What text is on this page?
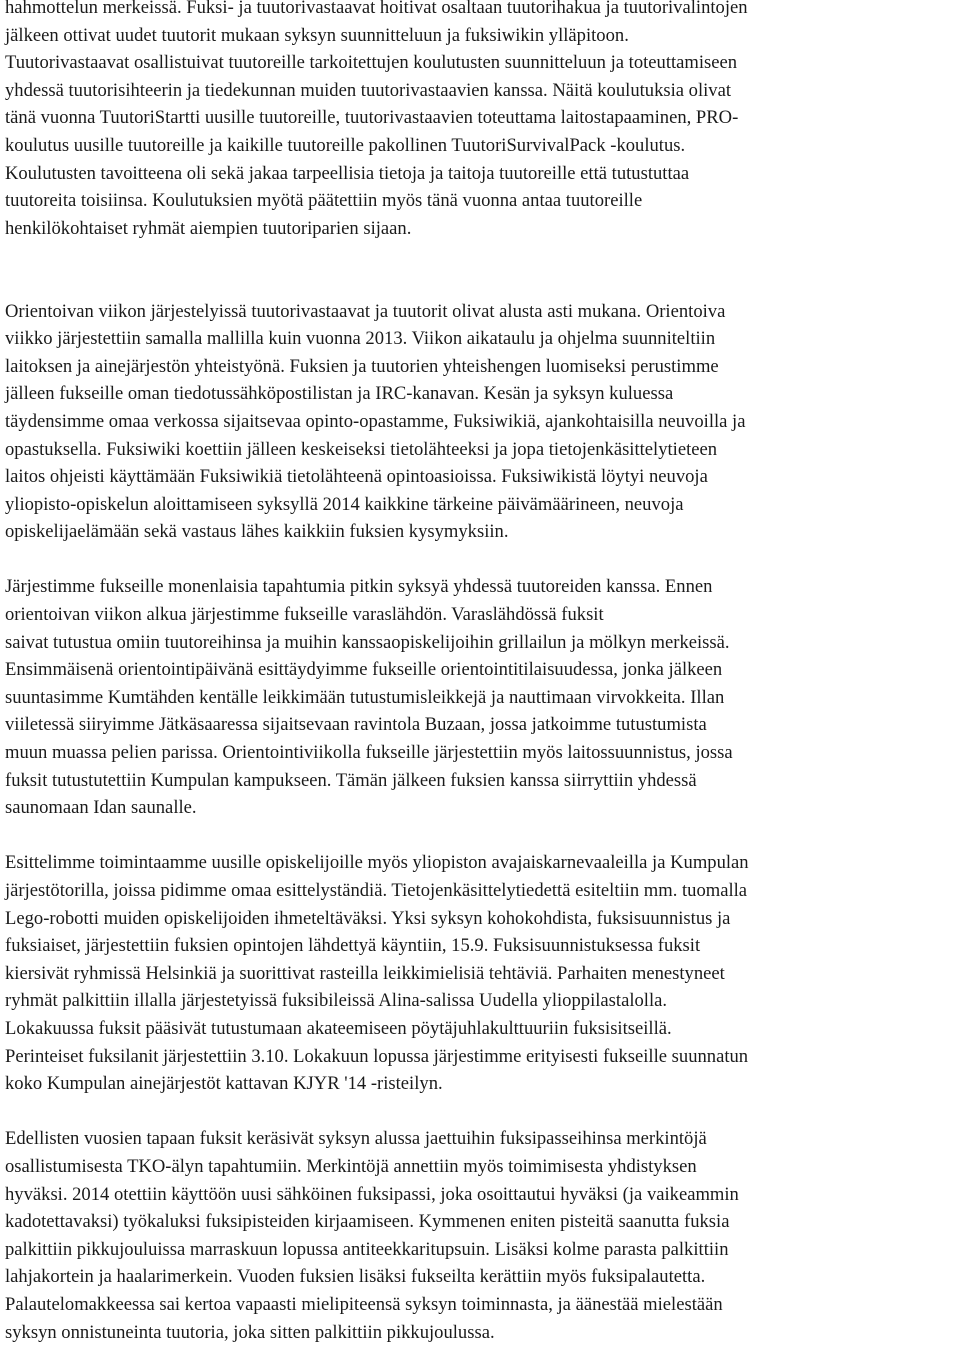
hahmottelun merkeissä. Fuksi- ja tuutorivastaavat hoitivat osaltaan tuutorihakua ja tuutorivalintojen
jälkeen ottivat uudet tuutorit mukaan syksyn suunnitteluun ja fuksiwikin ylläpitoon.
Tuutorivastaavat osallistuivat tuutoreille tarkoitettujen koulutusten suunnitteluun ja toteuttamiseen
yhdessä tuutorisihteerin ja tiedekunnan muiden tuutorivastaavien kanssa. Näitä koulutuksia olivat
tänä vuonna TuutoriStartti uusille tuutoreille, tuutorivastaavien toteuttama laitostapaaminen, PRO-
koulutus uusille tuutoreille ja kaikille tuutoreille pakollinen TuutoriSurvivalPack -koulutus.
Koulutusten tavoitteena oli sekä jakaa tarpeellisia tietoja ja taitoja tuutoreille että tutustuttaa
tuutoreita toisiinsa. Koulutuksien myötä päätettiin myös tänä vuonna antaa tuutoreille
henkilökohtaiset ryhmät aiempien tuutoriparien sijaan.

Orientoivan viikon järjestelyissä tuutorivastaavat ja tuutorit olivat alusta asti mukana. Orientoiva
viikko järjestettiin samalla mallilla kuin vuonna 2013. Viikon aikataulu ja ohjelma suunniteltiin
laitoksen ja ainejärjestön yhteistyönä. Fuksien ja tuutorien yhteishengen luomiseksi perustimme
jälleen fukseille oman tiedotussähköpostilistan ja IRC-kanavan. Kesän ja syksyn kuluessa
täydensimme omaa verkossa sijaitsevaa opinto-opastamme, Fuksiwikiä, ajankohtaisilla neuvoilla ja
opastuksella. Fuksiwiki koettiin jälleen keskeiseksi tietolähteeksi ja jopa tietojenkäsittelytieteen
laitos ohjeisti käyttämään Fuksiwikiä tietolähteenä opintoasioissa. Fuksiwikistä löytyi neuvoja
yliopisto-opiskelun aloittamiseen syksyllä 2014 kaikkine tärkeine päivämäärineen, neuvoja
opiskelijaelämään sekä vastaus lähes kaikkiin fuksien kysymyksiin.

Järjestimme fukseille monenlaisia tapahtumia pitkin syksyä yhdessä tuutoreiden kanssa. Ennen
orientoivan viikon alkua järjestimme fukseille varaslähdön. Varaslähdössä fuksit
saivat tutustua omiin tuutoreihinsa ja muihin kanssaopiskelijoihin grillailun ja mölkyn merkeissä.
Ensimmäisenä orientointipäivänä esittäydyimme fukseille orientointitilaisuudessa, jonka jälkeen
suuntasimme Kumtähden kentälle leikkimään tutustumisleikkejä ja nauttimaan virvokkeita. Illan
viiletessä siiryimme Jätkäsaaressa sijaitsevaan ravintola Buzaan, jossa jatkoimme tutustumista
muun muassa pelien parissa. Orientointiviikolla fukseille järjestettiin myös laitossuunnistus, jossa
fuksit tutustutettiin Kumpulan kampukseen. Tämän jälkeen fuksien kanssa siirryttiin yhdessä
saunomaan Idan saunalle.

Esittelimme toimintaamme uusille opiskelijoille myös yliopiston avajaiskarnevaaleilla ja Kumpulan
järjestötorilla, joissa pidimme omaa esittelyständiä. Tietojenkäsittelytiedettä esiteltiin mm. tuomalla
Lego-robotti muiden opiskelijoiden ihmeteltäväksi. Yksi syksyn kohokohdista, fuksisuunnistus ja
fuksiaiset, järjestettiin fuksien opintojen lähdettyä käyntiin, 15.9. Fuksisuunnistuksessa fuksit
kiersivät ryhmissä Helsinkiä ja suorittivat rasteilla leikkimielisiä tehtäviä. Parhaiten menestyneet
ryhmät palkittiin illalla järjestetyissä fuksibileissä Alina-salissa Uudella ylioppilastalolla.
Lokakuussa fuksit pääsivät tutustumaan akateemiseen pöytäjuhlakulttuuriin fuksisitseillä.
Perinteiset fuksilanit järjestettiin 3.10. Lokakuun lopussa järjestimme erityisesti fukseille suunnatun
koko Kumpulan ainejärjestöt kattavan KJYR '14 -risteilyn.

Edellisten vuosien tapaan fuksit keräsivät syksyn alussa jaettuihin fuksipasseihinsa merkintöjä
osallistumisesta TKO-älyn tapahtumiin. Merkintöjä annettiin myös toimimisesta yhdistyksen
hyväksi. 2014 otettiin käyttöön uusi sähköinen fuksipassi, joka osoittautui hyväksi (ja vaikeammin
kadotettavaksi) työkaluksi fuksipisteiden kirjaamiseen. Kymmenen eniten pisteitä saanutta fuksia
palkittiin pikkujouluissa marraskuun lopussa antiteekkaritupsuin. Lisäksi kolme parasta palkittiin
lahjakortein ja haalarimerkein. Vuoden fuksien lisäksi fukseilta kerättiin myös fuksipalautetta.
Palautelomakkeessa sai kertoa vapaasti mielipiteensä syksyn toiminnasta, ja äänestää mielestään
syksyn onnistuneinta tuutoria, joka sitten palkittiin pikkujoulussa.
